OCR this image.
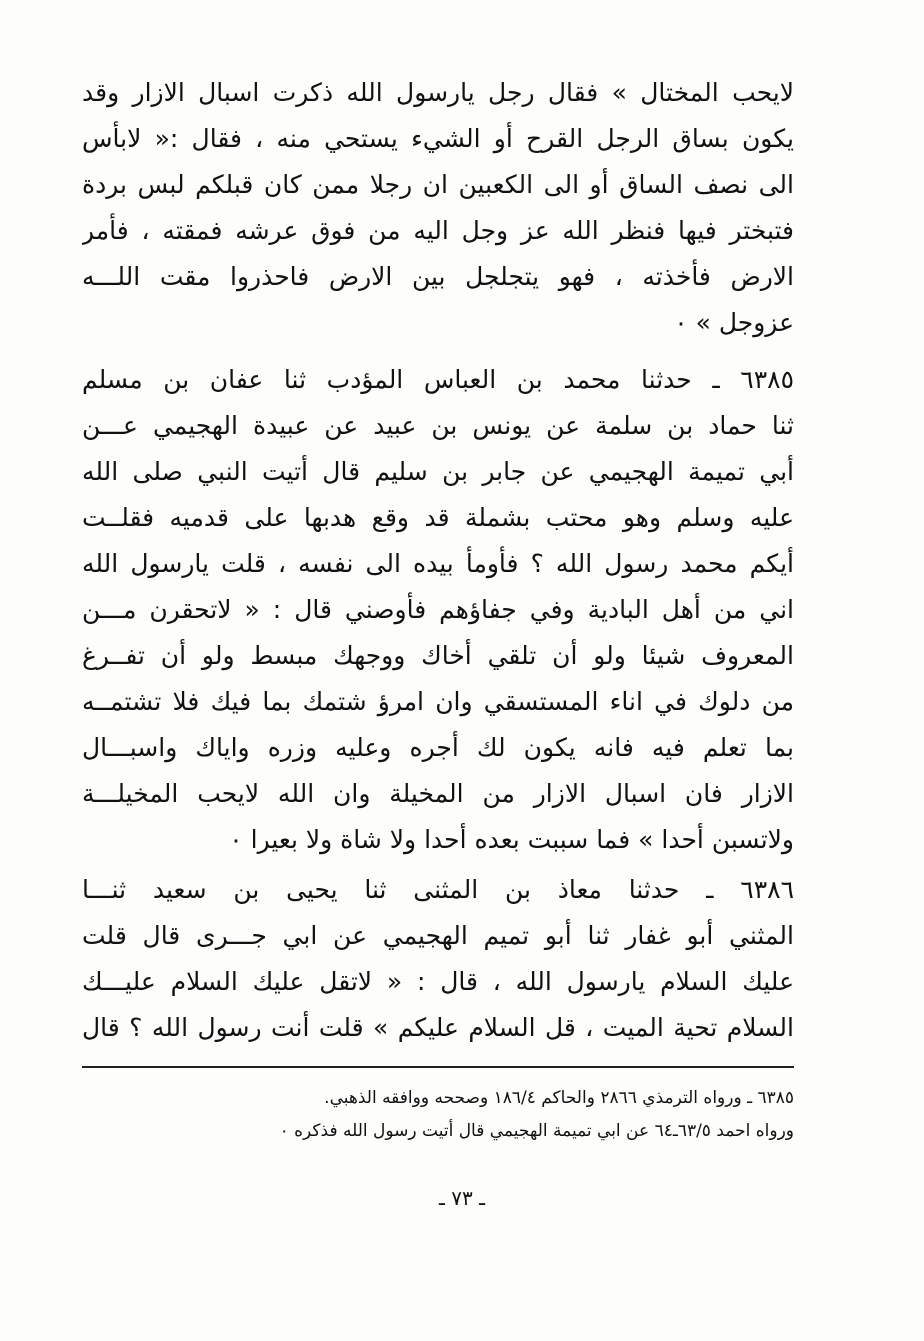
لايحب المختال » فقال رجل يارسول الله ذكرت اسبال الازار وقد
يكون بساق الرجل القرح أو الشيء يستحي منه ، فقال :« لابأس
الى نصف الساق أو الى الكعبين ان رجلا ممن كان قبلكم لبس بردة
فتبختر فيها فنظر الله عز وجل اليه من فوق عرشه فمقته ، فأمر
الارض فأخذته ، فهو يتجلجل بين الارض فاحذروا مقت اللـــه
عزوجل » ٠
٦٣٨٥ ـ حدثنا محمد بن العباس المؤدب ثنا عفان بن مسلم
ثنا حماد بن سلمة عن يونس بن عبيد عن عبيدة الهجيمي عـــن
أبي تميمة الهجيمي عن جابر بن سليم قال أتيت النبي صلى الله
عليه وسلم وهو محتب بشملة قد وقع هدبها على قدميه فقلــت
أيكم محمد رسول الله ؟ فأومأ بيده الى نفسه ، قلت يارسول الله
اني من أهل البادية وفي جفاؤهم فأوصني قال : « لاتحقرن مـــن
المعروف شيئا ولو أن تلقي أخاك ووجهك مبسط ولو أن تفــرغ
من دلوك في اناء المستسقي وان امرؤ شتمك بما فيك فلا تشتمــه
بما تعلم فيه فانه يكون لك أجره وعليه وزره واياك واسبـــال
الازار فان اسبال الازار من المخيلة وان الله لايحب المخيلـــة
ولاتسبن أحدا » فما سببت بعده أحدا ولا شاة ولا بعيرا ٠
٦٣٨٦ ـ حدثنا معاذ بن المثنى ثنا يحيى بن سعيد ثنـــا
المثني أبو غفار ثنا أبو تميم الهجيمي عن ابي جـــرى قال قلت
عليك السلام يارسول الله ، قال : « لاتقل عليك السلام عليـــك
السلام تحية الميت ، قل السلام عليكم » قلت أنت رسول الله ؟ قال
٦٣٨٥ ـ ورواه الترمذي ٢٨٦٦ والحاكم ١٨٦/٤ وصححه ووافقه الذهبي.
ورواه احمد ٦٣/٥ـ٦٤ عن ابي تميمة الهجيمي قال أتيت رسول الله فذكره ٠
ـ ٧٣ ـ
